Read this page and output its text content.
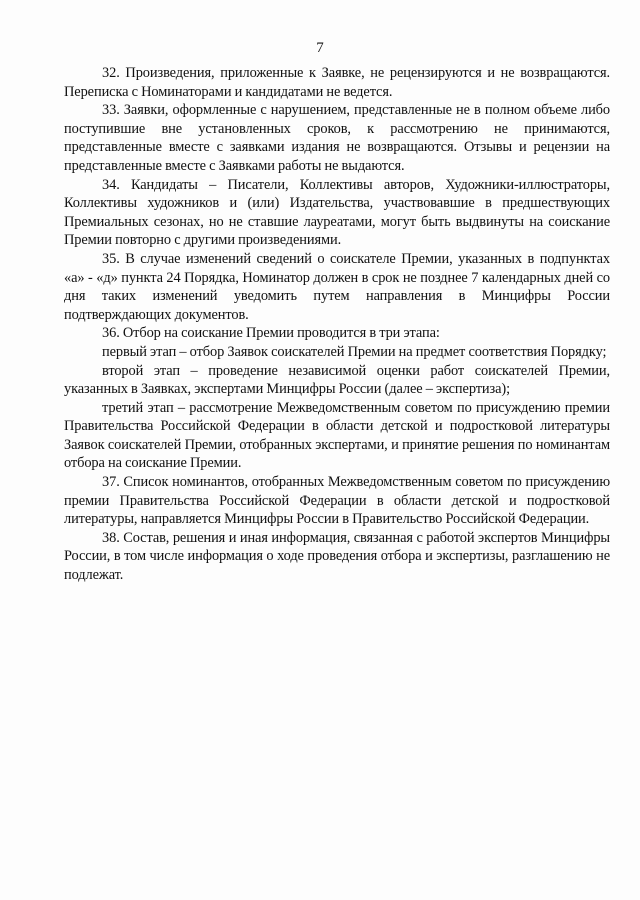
7

32. Произведения, приложенные к Заявке, не рецензируются и не возвращаются. Переписка с Номинаторами и кандидатами не ведется.

33. Заявки, оформленные с нарушением, представленные не в полном объеме либо поступившие вне установленных сроков, к рассмотрению не принимаются, представленные вместе с заявками издания не возвращаются. Отзывы и рецензии на представленные вместе с Заявками работы не выдаются.

34. Кандидаты – Писатели, Коллективы авторов, Художники-иллюстраторы, Коллективы художников и (или) Издательства, участвовавшие в предшествующих Премиальных сезонах, но не ставшие лауреатами, могут быть выдвинуты на соискание Премии повторно с другими произведениями.

35. В случае изменений сведений о соискателе Премии, указанных в подпунктах «а» - «д» пункта 24 Порядка, Номинатор должен в срок не позднее 7 календарных дней со дня таких изменений уведомить путем направления в Минцифры России подтверждающих документов.

36. Отбор на соискание Премии проводится в три этапа:

первый этап – отбор Заявок соискателей Премии на предмет соответствия Порядку;

второй этап – проведение независимой оценки работ соискателей Премии, указанных в Заявках, экспертами Минцифры России (далее – экспертиза);

третий этап – рассмотрение Межведомственным советом по присуждению премии Правительства Российской Федерации в области детской и подростковой литературы Заявок соискателей Премии, отобранных экспертами, и принятие решения по номинантам отбора на соискание Премии.

37. Список номинантов, отобранных Межведомственным советом по присуждению премии Правительства Российской Федерации в области детской и подростковой литературы, направляется Минцифры России в Правительство Российской Федерации.

38. Состав, решения и иная информация, связанная с работой экспертов Минцифры России, в том числе информация о ходе проведения отбора и экспертизы, разглашению не подлежат.
